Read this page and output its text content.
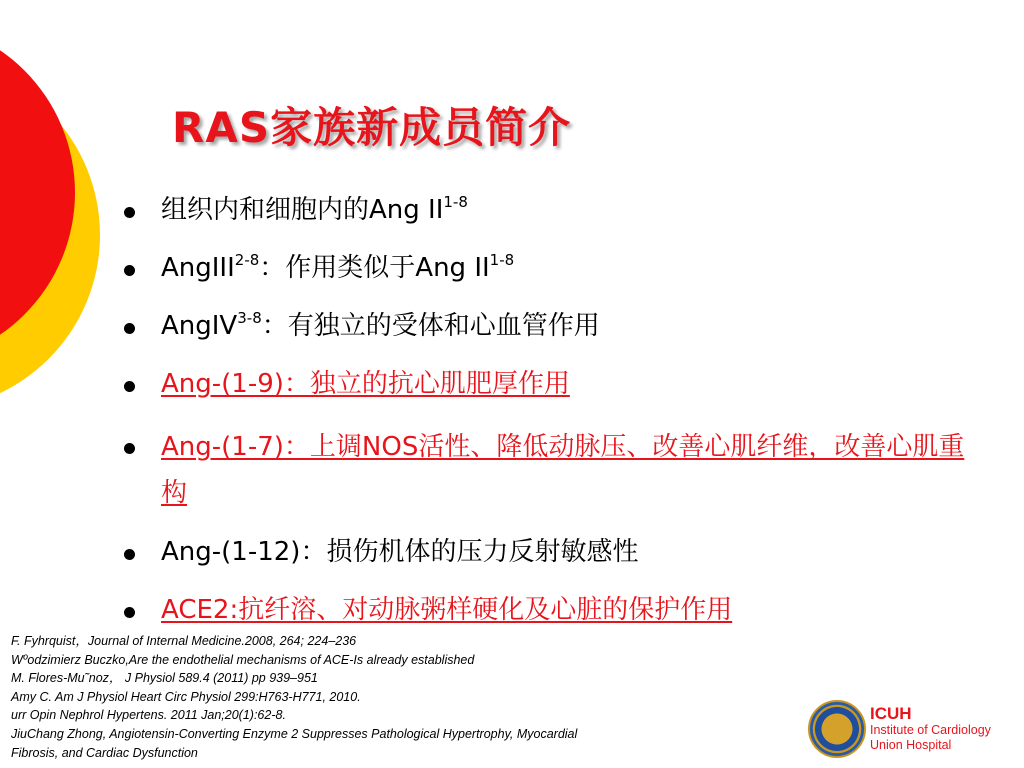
RAS家族新成员简介
组织内和细胞内的Ang II$^{1-8}$
AngIII$^{2-8}$：作用类似于Ang II$^{1-8}$
AngIV$^{3-8}$：有独立的受体和心血管作用
Ang-(1-9)：独立的抗心肌肥厚作用
Ang-(1-7)：上调NOS活性、降低动脉压、改善心肌纤维，改善心肌重构
Ang-(1-12)：损伤机体的压力反射敏感性
ACE2:抗纤溶、对动脉粥样硬化及心脏的保护作用
F. Fyhrquist，Journal of Internal Medicine.2008, 264; 224–236
Wºodzimierz Buczko,Are the endothelial mechanisms of ACE-Is already established
M. Flores-Mu˜noz， J Physiol 589.4 (2011) pp 939–951
Amy C. Am J Physiol Heart Circ Physiol 299:H763-H771, 2010.
urr Opin Nephrol Hypertens. 2011 Jan;20(1):62-8.
JiuChang Zhong, Angiotensin-Converting Enzyme 2 Suppresses Pathological Hypertrophy, Myocardial
Fibrosis, and Cardiac Dysfunction
ICUH
Institute of Cardiology
Union Hospital
